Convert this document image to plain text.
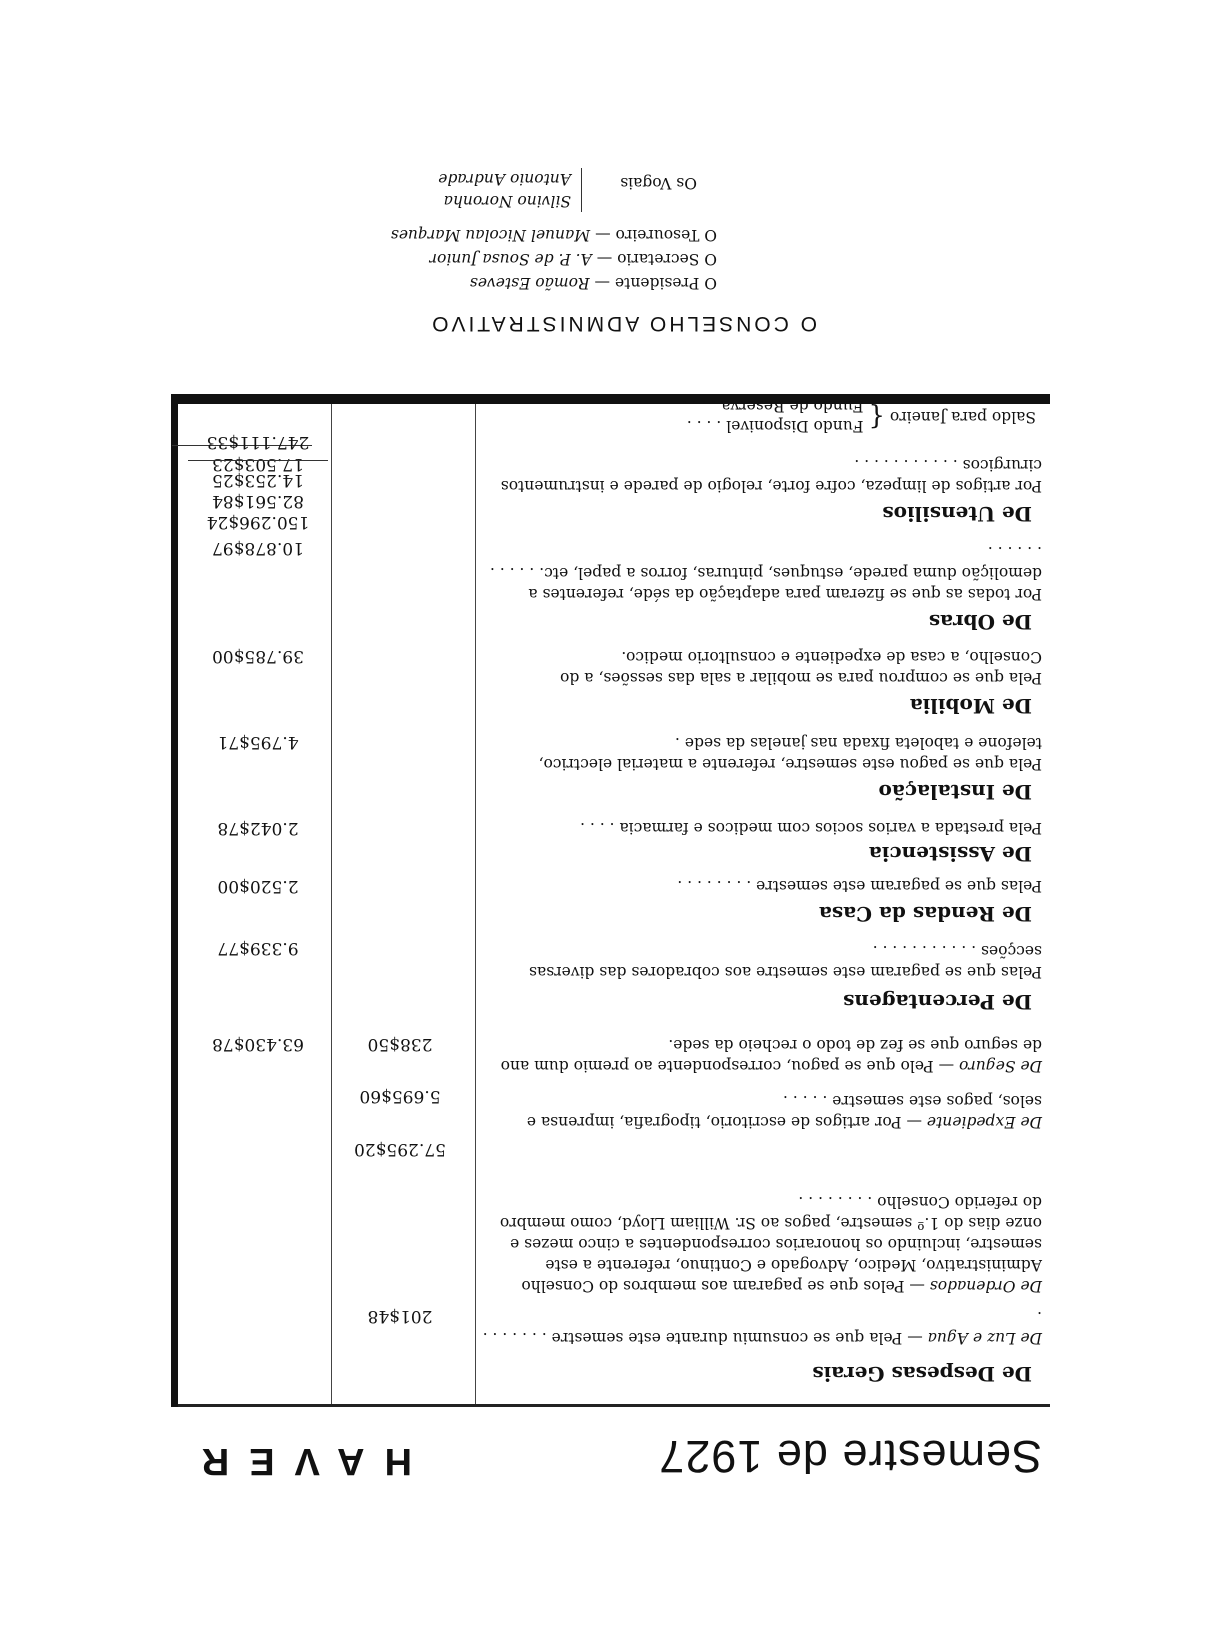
Semestre de 1927
HAVER
De Despesas Gerais
De Luz e Agua — Pela que se consumiu durante este semestre . . . . . . . .
201$48
De Ordenados — Pelos que se pagaram aos membros do Conselho Administrativo, Medico, Advogado e Continuo, referente a este semestre, incluindo os honorarios correspondentes a cinco mezes e onze dias do 1.º semestre, pagos ao Sr. William Lloyd, como membro do referido Conselho . . . . . . . .
57.295$20
De Expediente — Por artigos de escritorio, tipografia, imprensa e selos, pagos este semestre . . . . .
5.695$60
De Seguro — Pelo que se pagou, correspondente ao premio dum ano de seguro que se fez de todo o recheio da sede.
238$50
63.430$78
De Percentagens
Pelas que se pagaram este semestre aos cobradores das diversas secções . . . . . . . . . . .
9.339$77
De Rendas da Casa
Pelas que se pagaram este semestre . . . . . . . .
2.520$00
De Assistencia
Pela prestada a varios socios com medicos e farmacia . . . .
2.042$78
De Instalação
Pela que se pagou este semestre, referente a material electrico, telefone e taboleta fixada nas janelas da sede .
4.795$71
De Mobilia
Pela que se comprou para se mobilar a sala das sessões, a do Conselho, a casa de expediente e consultorio medico.
39.785$00
De Obras
Por todas as que se fizeram para adaptação da séde, referentes a demolição duma parede, estuques, pinturas, forros a papel, etc. . . . . . . . . . . .
10.878$97
De Utensilios
Por artigos de limpeza, cofre forte, relogio de parede e instrumentos cirurgicos . . . . . . . . . . .
17.503$23
Saldo para Janeiro { Fundo Disponivel . . . .
Fundo de Reserva . . . .
150.296$24
82.561$84
14.253$25
247.111$33
O CONSELHO ADMNISTRATIVO
O Presidente — Romão Esteves
O Secretario — A. P. de Sousa Junior
O Tesoureiro — Manuel Nicolau Marques
Os Vogais
Silvino Noronha
Antonio Andrade
